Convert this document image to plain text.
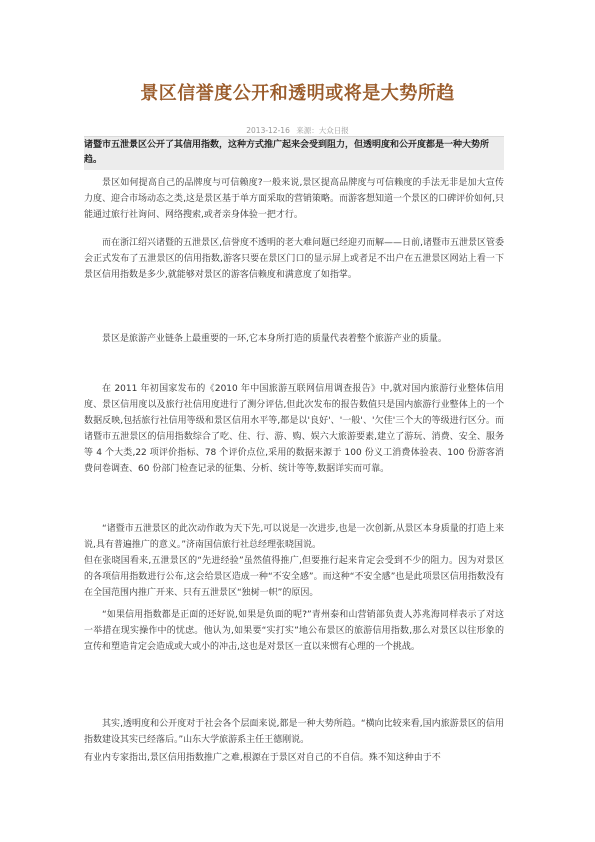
景区信誉度公开和透明或将是大势所趋
2013-12-16 来源：大众日报
诸暨市五泄景区公开了其信用指数，这种方式推广起来会受到阻力，但透明度和公开度都是一种大势所趋。
景区如何提高自己的品牌度与可信赖度?一般来说,景区提高品牌度与可信赖度的手法无非是加大宣传力度、迎合市场动态之类,这是景区基于单方面采取的营销策略。而游客想知道一个景区的口碑评价如何,只能通过旅行社询问、网络搜索,或者亲身体验一把才行。
而在浙江绍兴诸暨的五泄景区,信誉度不透明的老大难问题已经迎刃而解——日前,诸暨市五泄景区管委会正式发布了五泄景区的信用指数,游客只要在景区门口的显示屏上或者足不出户在五泄景区网站上看一下景区信用指数是多少,就能够对景区的游客信赖度和满意度了如指掌。
景区是旅游产业链条上最重要的一环,它本身所打造的质量代表着整个旅游产业的质量。
在 2011 年初国家发布的《2010 年中国旅游互联网信用调查报告》中,就对国内旅游行业整体信用度、景区信用度以及旅行社信用度进行了测分评估,但此次发布的报告数值只是国内旅游行业整体上的一个数据反映,包括旅行社信用等级和景区信用水平等,都是以'良好'、'一般'、'欠佳'三个大的等级进行区分。而诸暨市五泄景区的信用指数综合了吃、住、行、游、购、娱六大旅游要素,建立了游玩、消费、安全、服务等 4 个大类,22 项评价指标、78 个评价点位,采用的数据来源于 100 份义工消费体验表、100 份游客消费问卷调查、60 份部门检查记录的征集、分析、统计等等,数据详实而可靠。
“诸暨市五泄景区的此次动作敢为天下先,可以说是一次进步,也是一次创新,从景区本身质量的打造上来说,具有普遍推广的意义。”济南国信旅行社总经理张晓国说。
但在张晓国看来,五泄景区的“先进经验”虽然值得推广,但要推行起来肯定会受到不少的阻力。因为对景区的各项信用指数进行公布,这会给景区造成一种“不安全感”。而这种“不安全感”也是此项景区信用指数没有在全国范围内推广开来、只有五泄景区“独树一帜”的原因。
“如果信用指数都是正面的还好说,如果是负面的呢?”青州泰和山营销部负责人苏兆海同样表示了对这一举措在现实操作中的忧虑。他认为,如果要“实打实”地公布景区的旅游信用指数,那么对景区以往形象的宣传和塑造肯定会造成或大或小的冲击,这也是对景区一直以来惯有心理的一个挑战。
其实,透明度和公开度对于社会各个层面来说,都是一种大势所趋。“横向比较来看,国内旅游景区的信用指数建设其实已经落后。”山东大学旅游系主任王德刚说。
有业内专家指出,景区信用指数推广之难,根源在于景区对自己的不自信。殊不知这种由于不
